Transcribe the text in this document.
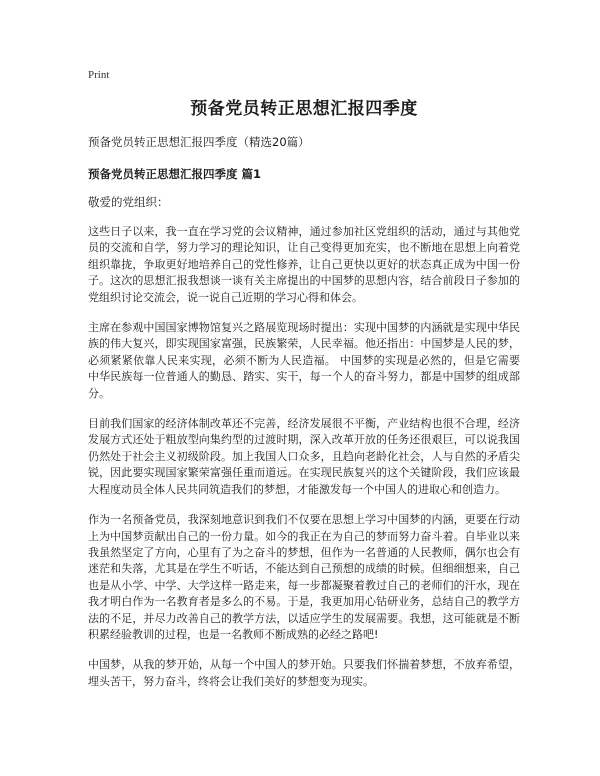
Print
预备党员转正思想汇报四季度
预备党员转正思想汇报四季度（精选20篇）
预备党员转正思想汇报四季度 篇1
敬爱的党组织：

这些日子以来，我一直在学习党的会议精神，通过参加社区党组织的活动，通过与其他党员的交流和自学，努力学习的理论知识，让自己变得更加充实，也不断地在思想上向着党组织靠拢，争取更好地培养自己的党性修养，让自己更快以更好的状态真正成为中国一份子。这次的思想汇报我想谈一谈有关主席提出的中国梦的思想内容，结合前段日子参加的党组织讨论交流会，说一说自己近期的学习心得和体会。

主席在参观中国国家博物馆复兴之路展览现场时提出：实现中国梦的内涵就是实现中华民族的伟大复兴，即实现国家富强，民族繁荣，人民幸福。他还指出：中国梦是人民的梦，必须紧紧依靠人民来实现，必须不断为人民造福。 中国梦的实现是必然的，但是它需要中华民族每一位普通人的勤恳、踏实、实干，每一个人的奋斗努力，都是中国梦的组成部分。

目前我们国家的经济体制改革还不完善，经济发展很不平衡，产业结构也很不合理，经济发展方式还处于粗放型向集约型的过渡时期，深入改革开放的任务还很艰巨，可以说我国仍然处于社会主义初级阶段。加上我国人口众多，且趋向老龄化社会，人与自然的矛盾尖锐，因此要实现国家繁荣富强任重而道远。在实现民族复兴的这个关键阶段，我们应该最大程度动员全体人民共同筑造我们的梦想，才能激发每一个中国人的进取心和创造力。

作为一名预备党员，我深刻地意识到我们不仅要在思想上学习中国梦的内涵，更要在行动上为中国梦贡献出自己的一份力量。如今的我正在为自己的梦而努力奋斗着。自毕业以来我虽然坚定了方向，心里有了为之奋斗的梦想，但作为一名普通的人民教师，偶尔也会有迷茫和失落，尤其是在学生不听话，不能达到自己预想的成绩的时候。但细细想来，自己也是从小学、中学、大学这样一路走来，每一步都凝聚着教过自己的老师们的汗水，现在我才明白作为一名教育者是多么的不易。于是，我更加用心钻研业务，总结自己的教学方法的不足，并尽力改善自己的教学方法，以适应学生的发展需要。我想，这可能就是不断积累经验教训的过程，也是一名教师不断成熟的必经之路吧!

中国梦，从我的梦开始，从每一个中国人的梦开始。只要我们怀揣着梦想，不放弃希望，埋头苦干，努力奋斗，终将会让我们美好的梦想变为现实。
